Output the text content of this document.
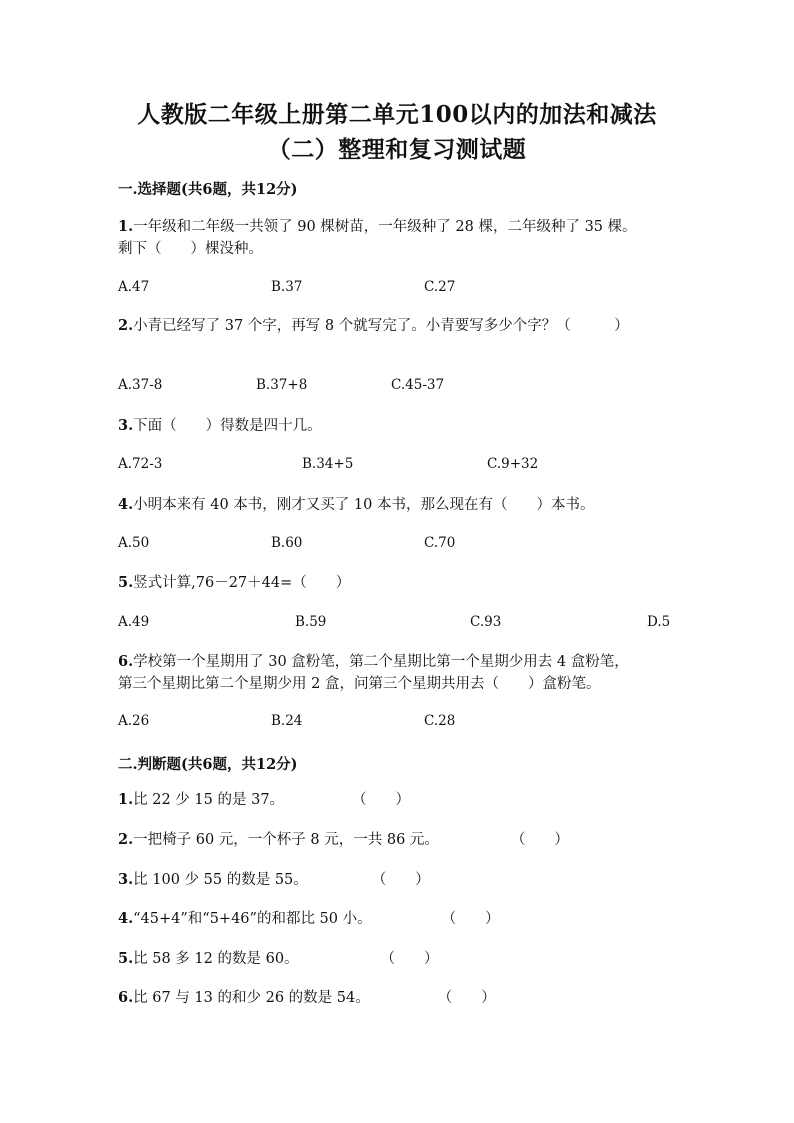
人教版二年级上册第二单元100以内的加法和减法
（二）整理和复习测试题
一.选择题(共6题，共12分)
1.一年级和二年级一共领了 90 棵树苗，一年级种了 28 棵，二年级种了 35 棵。
剩下（　　）棵没种。
A.47	B.37	C.27
2.小青已经写了 37 个字，再写 8 个就写完了。小青要写多少个字？（　　　）
A.37-8	B.37+8	C.45-37
3.下面（　　）得数是四十几。
A.72-3	B.34+5	C.9+32
4.小明本来有 40 本书，刚才又买了 10 本书，那么现在有（　　）本书。
A.50	B.60	C.70
5.竖式计算,76－27＋44=（　　）
A.49	B.59	C.93	D.5
6.学校第一个星期用了 30 盒粉笔，第二个星期比第一个星期少用去 4 盒粉笔，
第三个星期比第二个星期少用 2 盒，问第三个星期共用去（　　）盒粉笔。
A.26	B.24	C.28
二.判断题(共6题，共12分)
1.比 22 少 15 的是 37。	（　　）
2.一把椅子 60 元，一个杯子 8 元，一共 86 元。	（　　）
3.比 100 少 55 的数是 55。	（　　）
4.“45+4”和“5+46”的和都比 50 小。	（　　）
5.比 58 多 12 的数是 60。	（　　）
6.比 67 与 13 的和少 26 的数是 54。	（　　）
